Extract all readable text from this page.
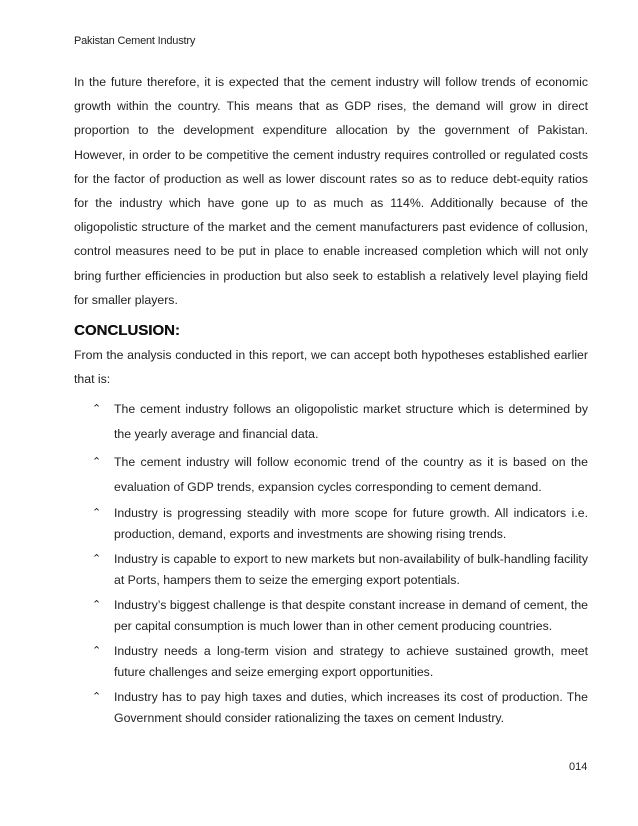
Pakistan Cement Industry

In the future therefore, it is expected that the cement industry will follow trends of economic growth within the country. This means that as GDP rises, the demand will grow in direct proportion to the development expenditure allocation by the government of Pakistan. However, in order to be competitive the cement industry requires controlled or regulated costs for the factor of production as well as lower discount rates so as to reduce debt-equity ratios for the industry which have gone up to as much as 114%. Additionally because of the oligopolistic structure of the market and the cement manufacturers past evidence of collusion, control measures need to be put in place to enable increased completion which will not only bring further efficiencies in production but also seek to establish a relatively level playing field for smaller players.

CONCLUSION:

From the analysis conducted in this report, we can accept both hypotheses established earlier that is:

⌃ The cement industry follows an oligopolistic market structure which is determined by the yearly average and financial data.
⌃ The cement industry will follow economic trend of the country as it is based on the evaluation of GDP trends, expansion cycles corresponding to cement demand.
⌃ Industry is progressing steadily with more scope for future growth. All indicators i.e. production, demand, exports and investments are showing rising trends.
⌃ Industry is capable to export to new markets but non-availability of bulk-handling facility at Ports, hampers them to seize the emerging export potentials.
⌃ Industry’s biggest challenge is that despite constant increase in demand of cement, the per capital consumption is much lower than in other cement producing countries.
⌃ Industry needs a long-term vision and strategy to achieve sustained growth, meet future challenges and seize emerging export opportunities.
⌃ Industry has to pay high taxes and duties, which increases its cost of production. The Government should consider rationalizing the taxes on cement Industry.
014
